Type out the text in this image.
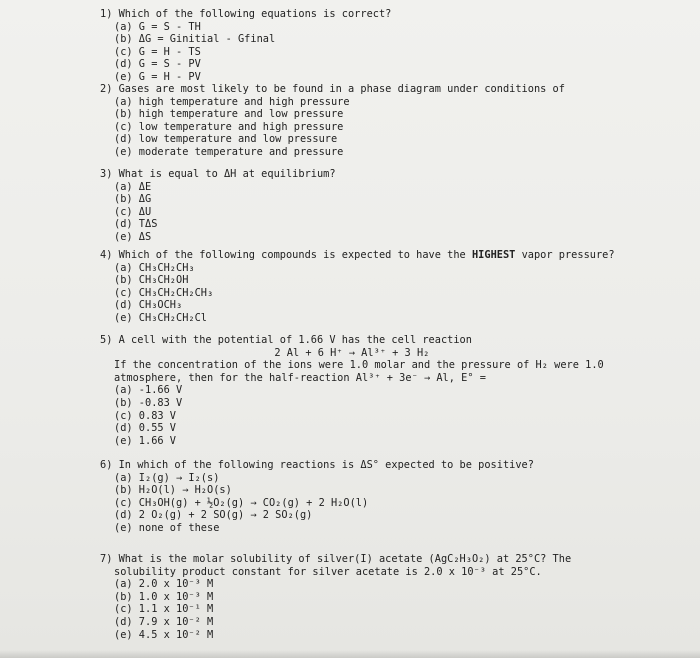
1) Which of the following equations is correct?
(a) G = S - TH
(b) ΔG = Ginitial - Gfinal
(c) G = H - TS
(d) G = S - PV
(e) G = H - PV
2) Gases are most likely to be found in a phase diagram under conditions of
(a) high temperature and high pressure
(b) high temperature and low pressure
(c) low temperature and high pressure
(d) low temperature and low pressure
(e) moderate temperature and pressure
3) What is equal to ΔH at equilibrium?
(a) ΔE
(b) ΔG
(c) ΔU
(d) TΔS
(e) ΔS
4) Which of the following compounds is expected to have the HIGHEST vapor pressure?
(a) CH₃CH₂CH₃
(b) CH₃CH₂OH
(c) CH₃CH₂CH₂CH₃
(d) CH₃OCH₃
(e) CH₃CH₂CH₂Cl
5) A cell with the potential of 1.66 V has the cell reaction
2 Al + 6 H⁺ → Al³⁺ + 3 H₂
If the concentration of the ions were 1.0 molar and the pressure of H₂ were 1.0
atmosphere, then for the half-reaction Al³⁺ + 3e⁻ → Al, E° =
(a) -1.66 V
(b) -0.83 V
(c) 0.83 V
(d) 0.55 V
(e) 1.66 V
6) In which of the following reactions is ΔS° expected to be positive?
(a) I₂(g) → I₂(s)
(b) H₂O(l) → H₂O(s)
(c) CH₃OH(g) + ½O₂(g) → CO₂(g) + 2 H₂O(l)
(d) 2 O₂(g) + 2 SO(g) → 2 SO₂(g)
(e) none of these
7) What is the molar solubility of silver(I) acetate (AgC₂H₃O₂) at 25°C? The
solubility product constant for silver acetate is 2.0 x 10⁻³ at 25°C.
(a) 2.0 x 10⁻³ M
(b) 1.0 x 10⁻³ M
(c) 1.1 x 10⁻¹ M
(d) 7.9 x 10⁻² M
(e) 4.5 x 10⁻² M
